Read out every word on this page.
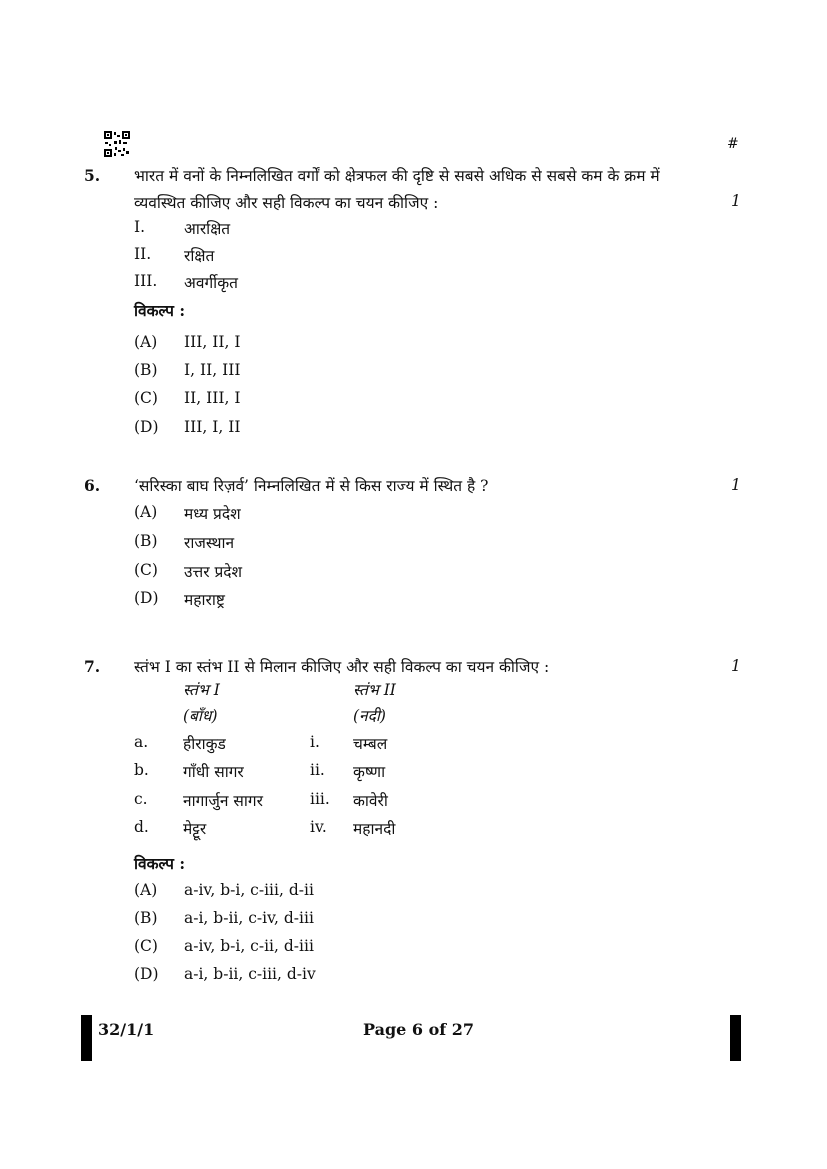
#
5. भारत में वनों के निम्नलिखित वर्गों को क्षेत्रफल की दृष्टि से सबसे अधिक से सबसे कम के क्रम में
व्यवस्थित कीजिए और सही विकल्प का चयन कीजिए :	1
I.	आरक्षित
II. रक्षित
III. अवर्गीकृत
विकल्प :
(A) III, II, I
(B) I, II, III
(C) II, III, I
(D) III, I, II
6. ‘सरिस्का बाघ रिज़र्व’ निम्नलिखित में से किस राज्य में स्थित है ?	1
(A) मध्य प्रदेश
(B) राजस्थान
(C) उत्तर प्रदेश
(D) महाराष्ट्र
7. स्तंभ I का स्तंभ II से मिलान कीजिए और सही विकल्प का चयन कीजिए :	1
स्तंभ I	स्तंभ II
(बाँध)	(नदी)
a. हीराकुड	i. चम्बल
b. गाँधी सागर	ii. कृष्णा
c. नागार्जुन सागर	iii. कावेरी
d. मेट्टूर	iv. महानदी
विकल्प :
(A) a-iv, b-i, c-iii, d-ii
(B) a-i, b-ii, c-iv, d-iii
(C) a-iv, b-i, c-ii, d-iii
(D) a-i, b-ii, c-iii, d-iv
32/1/1	Page 6 of 27
